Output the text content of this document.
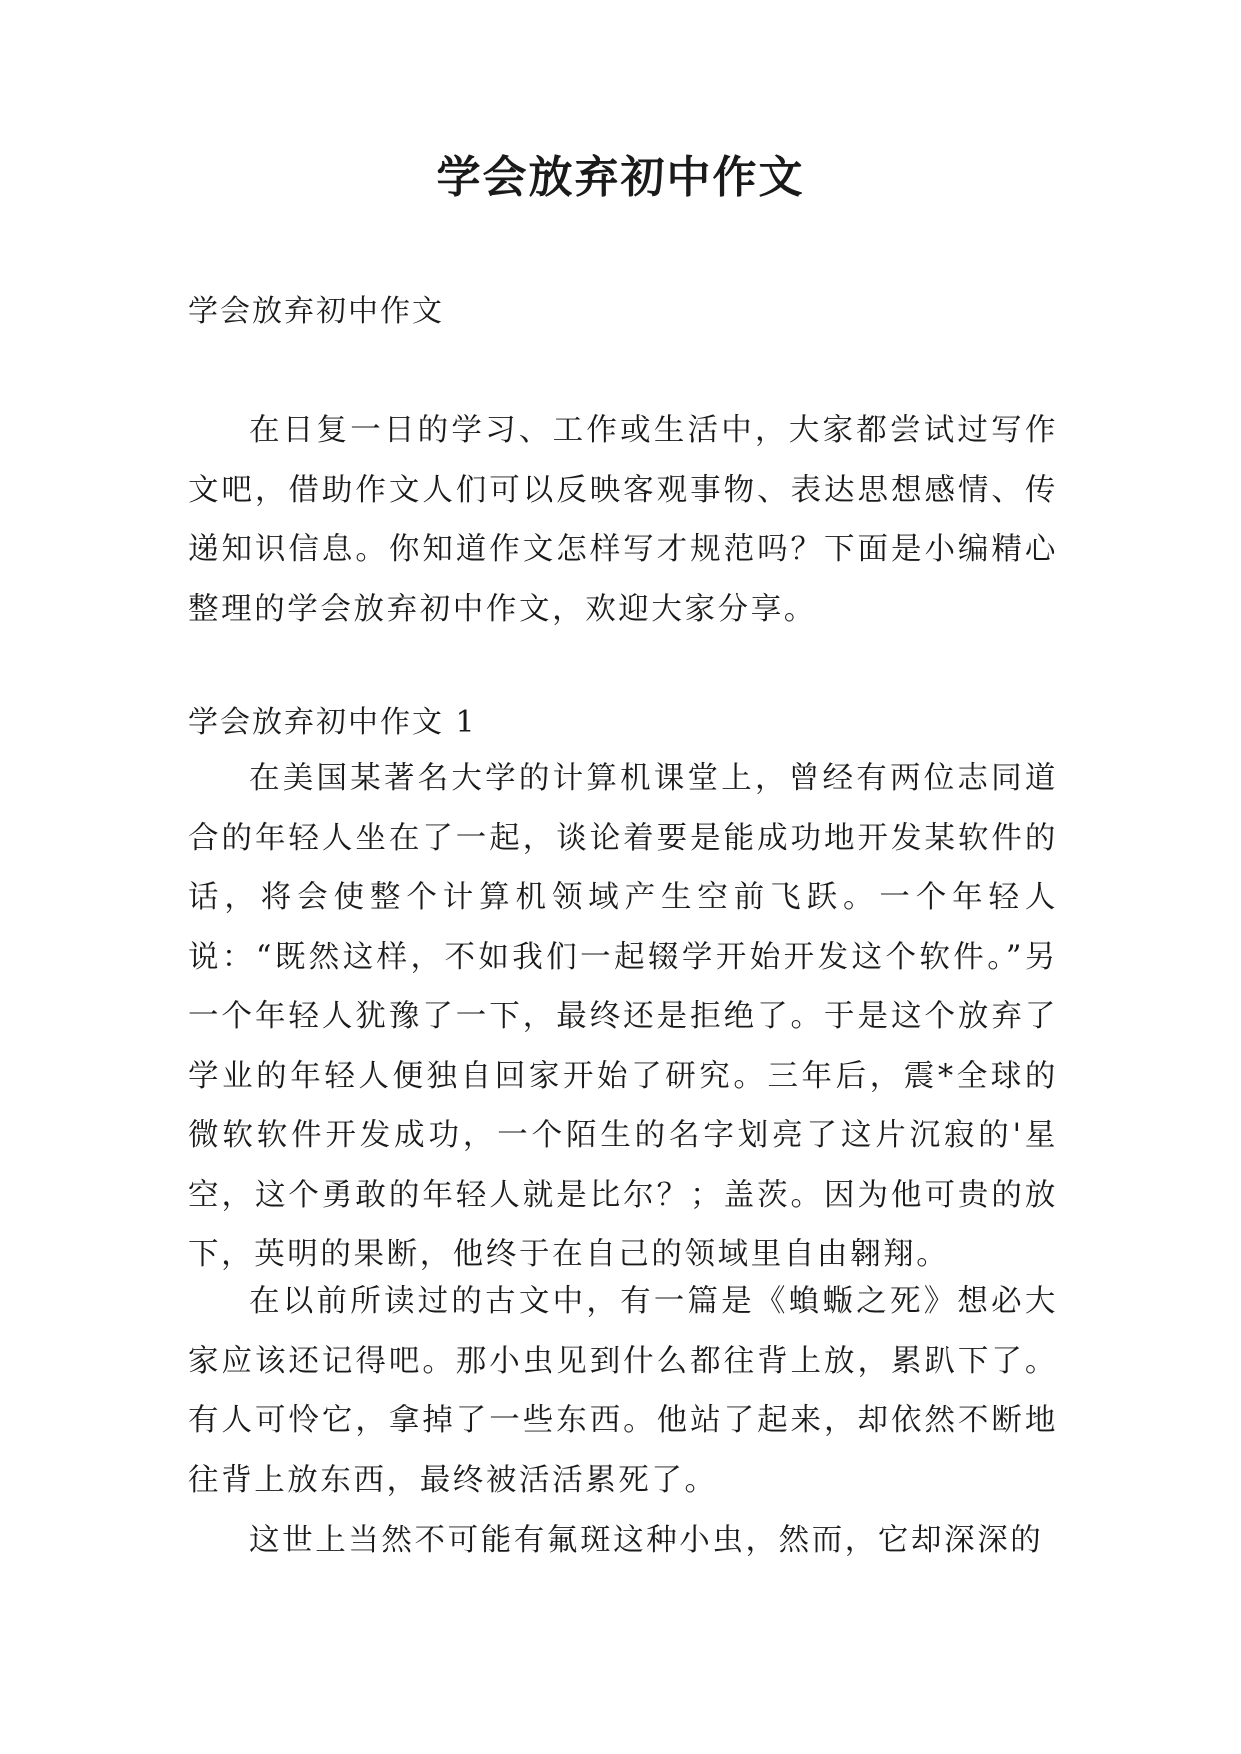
学会放弃初中作文

学会放弃初中作文

在日复一日的学习、工作或生活中，大家都尝试过写作文吧，借助作文人们可以反映客观事物、表达思想感情、传递知识信息。你知道作文怎样写才规范吗？下面是小编精心整理的学会放弃初中作文，欢迎大家分享。

学会放弃初中作文 1

在美国某著名大学的计算机课堂上，曾经有两位志同道合的年轻人坐在了一起，谈论着要是能成功地开发某软件的话，将会使整个计算机领域产生空前飞跃。一个年轻人说：“既然这样，不如我们一起辍学开始开发这个软件。”另一个年轻人犹豫了一下，最终还是拒绝了。于是这个放弃了学业的年轻人便独自回家开始了研究。三年后，震*全球的微软软件开发成功，一个陌生的名字划亮了这片沉寂的'星空，这个勇敢的年轻人就是比尔？；盖茨。因为他可贵的放下，英明的果断，他终于在自己的领域里自由翱翔。

在以前所读过的古文中，有一篇是《蝜蝂之死》想必大家应该还记得吧。那小虫见到什么都往背上放，累趴下了。有人可怜它，拿掉了一些东西。他站了起来，却依然不断地往背上放东西，最终被活活累死了。

这世上当然不可能有氟斑这种小虫，然而，它却深深的
